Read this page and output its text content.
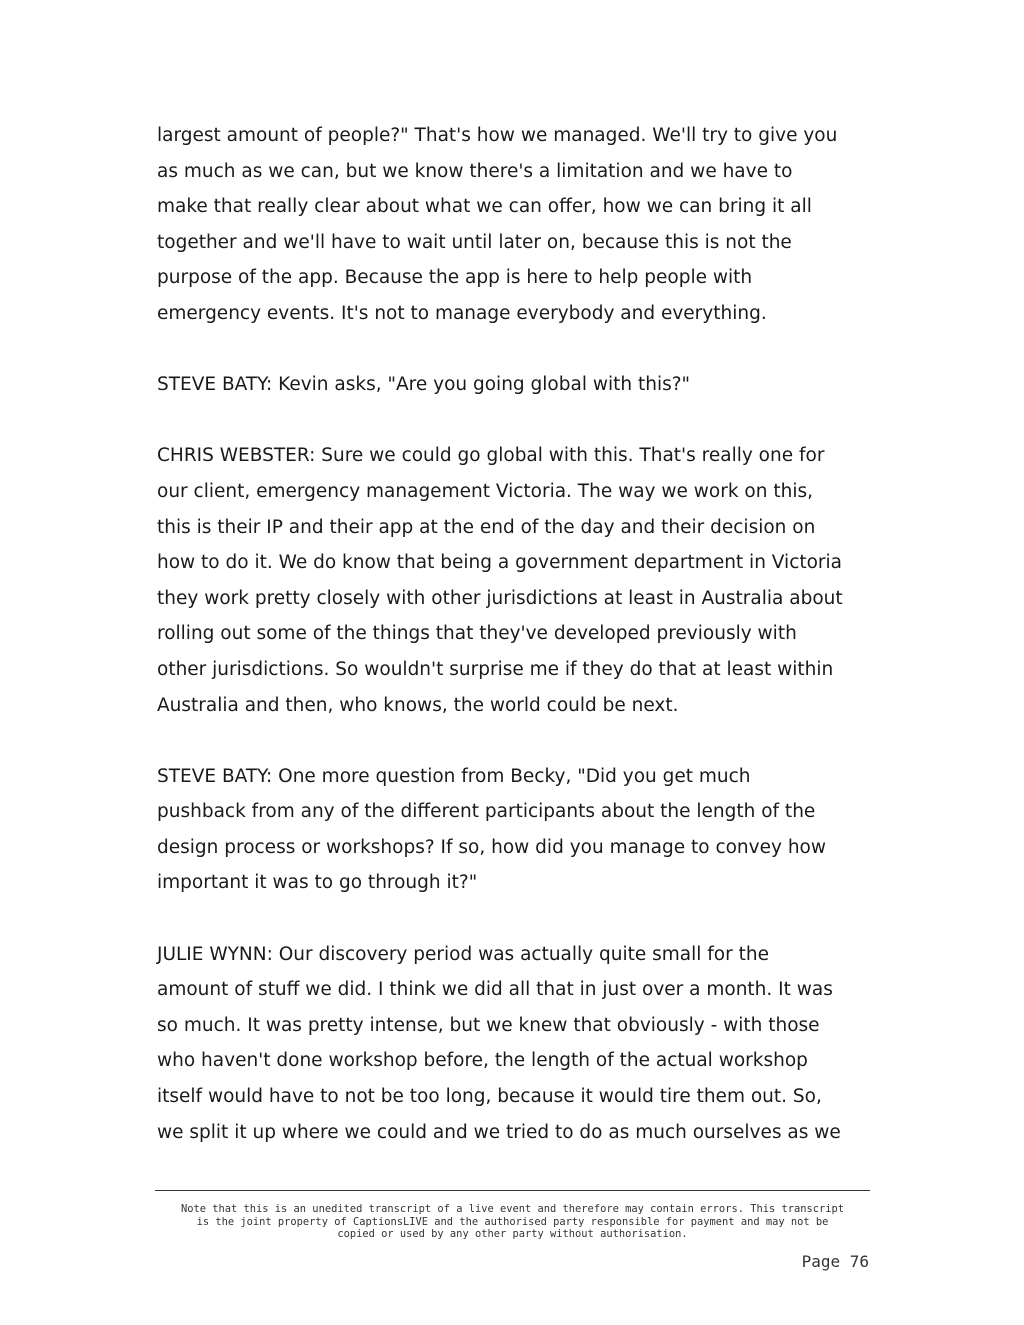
largest amount of people?" That's how we managed. We'll try to give you
as much as we can, but we know there's a limitation and we have to
make that really clear about what we can offer, how we can bring it all
together and we'll have to wait until later on, because this is not the
purpose of the app. Because the app is here to help people with
emergency events. It's not to manage everybody and everything.
STEVE BATY: Kevin asks, "Are you going global with this?"
CHRIS WEBSTER: Sure we could go global with this. That's really one for
our client, emergency management Victoria. The way we work on this,
this is their IP and their app at the end of the day and their decision on
how to do it. We do know that being a government department in Victoria
they work pretty closely with other jurisdictions at least in Australia about
rolling out some of the things that they've developed previously with
other jurisdictions. So wouldn't surprise me if they do that at least within
Australia and then, who knows, the world could be next.
STEVE BATY: One more question from Becky, "Did you get much
pushback from any of the different participants about the length of the
design process or workshops? If so, how did you manage to convey how
important it was to go through it?"
JULIE WYNN: Our discovery period was actually quite small for the
amount of stuff we did. I think we did all that in just over a month. It was
so much. It was pretty intense, but we knew that obviously - with those
who haven't done workshop before, the length of the actual workshop
itself would have to not be too long, because it would tire them out. So,
we split it up where we could and we tried to do as much ourselves as we
Note that this is an unedited transcript of a live event and therefore may contain errors. This transcript
is the joint property of CaptionsLIVE and the authorised party responsible for payment and may not be
copied or used by any other party without authorisation.
Page 76
